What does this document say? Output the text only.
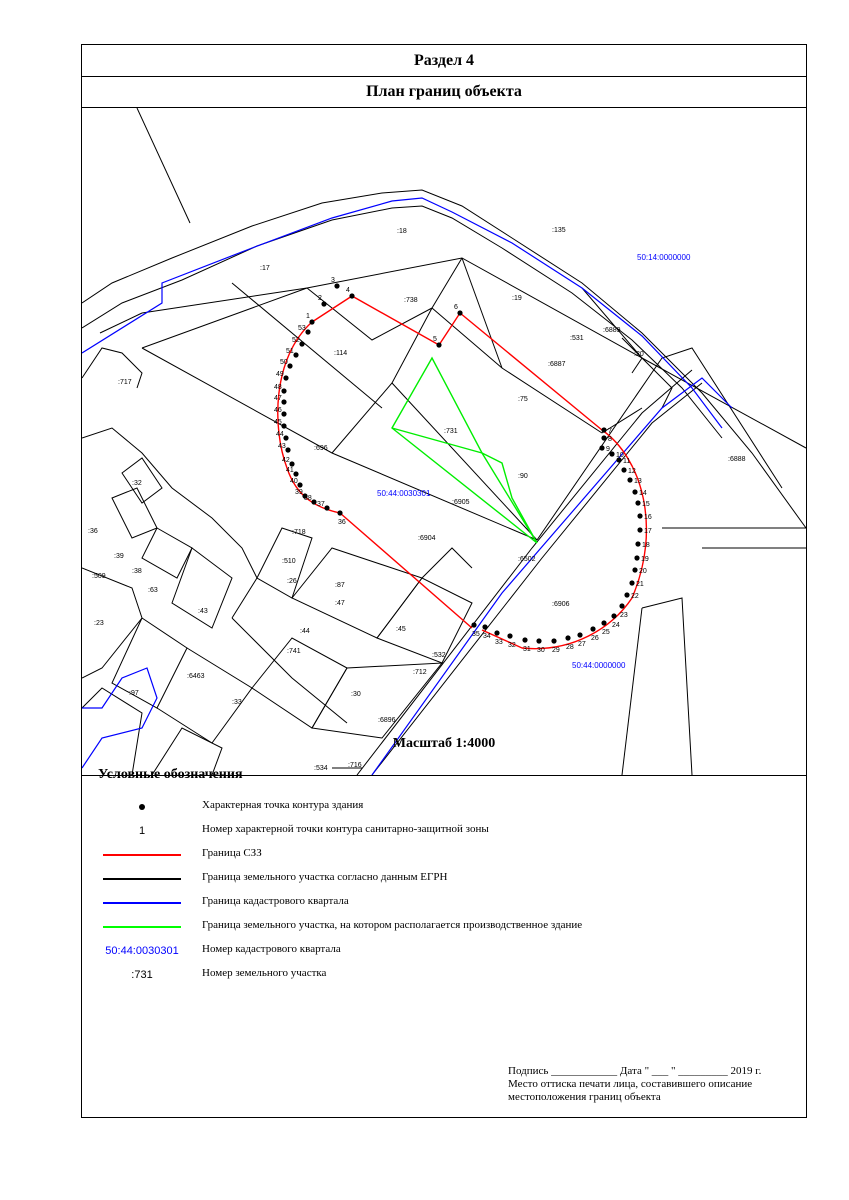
Раздел 4
План границ объекта
50:14:0000000
50:44:0030301
50:44:0000000
:135
:18
:17
:19
:738
:6889
:20
:531
:114
:6887
:717
:75
:731
:696
:6888
:90
:32
:6905
:718
:6904
:36
:39
:510	:6502
:509
:38
:87
:63
:26
:47	:6906
:43
:23
:44	:45
:741
:532
:6463
:712
:97
:33
:30
:6896
:534	:716
1
2
3
4
5
6
7
8
9
10
11
12
13
14
15
16
17
18
19
20
21
22
23
24
25
26
27
28
29
30
31
32
33
34
35
36
37
38
39
40
41
42
43
44
45
46
47
48
49
50
51
52
53
Масштаб 1:4000
Условные обозначения
Характерная точка контура здания
1	Номер характерной точки контура санитарно-защитной зоны
Граница СЗЗ
Граница земельного участка согласно данным ЕГРН
Граница кадастрового квартала
Граница земельного участка, на котором располагается производственное здание
50:44:0030301 Номер кадастрового квартала
:731	Номер земельного участка
Подпись ____________ Дата " ___ " _________ 2019 г.
Место оттиска печати лица, составившего описание
местоположения границ объекта
